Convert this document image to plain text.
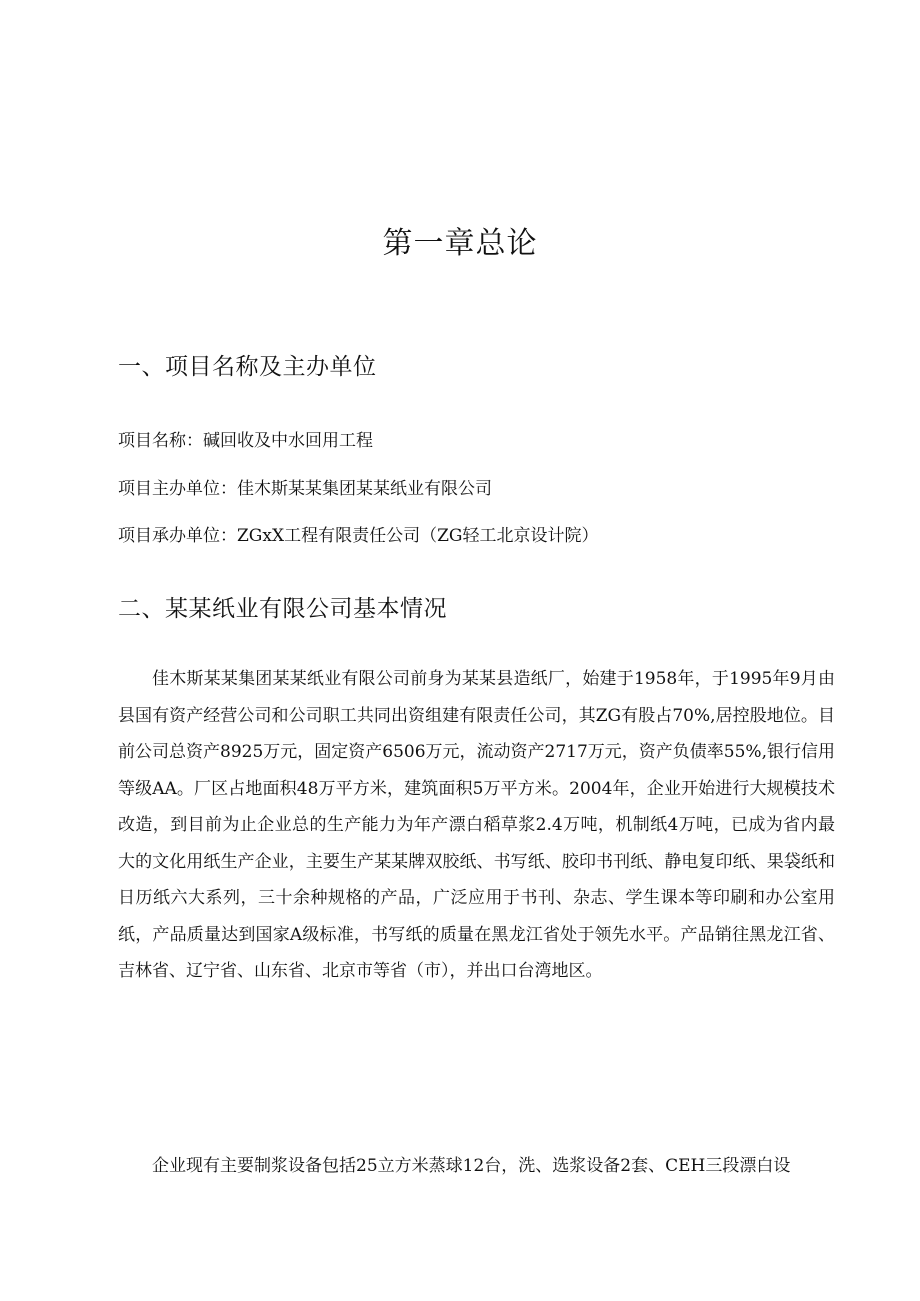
第一章总论
一、项目名称及主办单位
项目名称：碱回收及中水回用工程
项目主办单位：佳木斯某某集团某某纸业有限公司
项目承办单位：ZGxX工程有限责任公司（ZG轻工北京设计院）
二、某某纸业有限公司基本情况

佳木斯某某集团某某纸业有限公司前身为某某县造纸厂，始建于1958年，于1995年9月由县国有资产经营公司和公司职工共同出资组建有限责任公司，其ZG有股占70%,居控股地位。目前公司总资产8925万元，固定资产6506万元，流动资产2717万元，资产负债率55%,银行信用等级AA。厂区占地面积48万平方米，建筑面积5万平方米。2004年，企业开始进行大规模技术改造，到目前为止企业总的生产能力为年产漂白稻草浆2.4万吨，机制纸4万吨，已成为省内最大的文化用纸生产企业，主要生产某某牌双胶纸、书写纸、胶印书刊纸、静电复印纸、果袋纸和日历纸六大系列，三十余种规格的产品，广泛应用于书刊、杂志、学生课本等印刷和办公室用纸，产品质量达到国家A级标准，书写纸的质量在黑龙江省处于领先水平。产品销往黑龙江省、吉林省、辽宁省、山东省、北京市等省（市），并出口台湾地区。

企业现有主要制浆设备包括25立方米蒸球12台，洗、选浆设备2套、CEH三段漂白设
